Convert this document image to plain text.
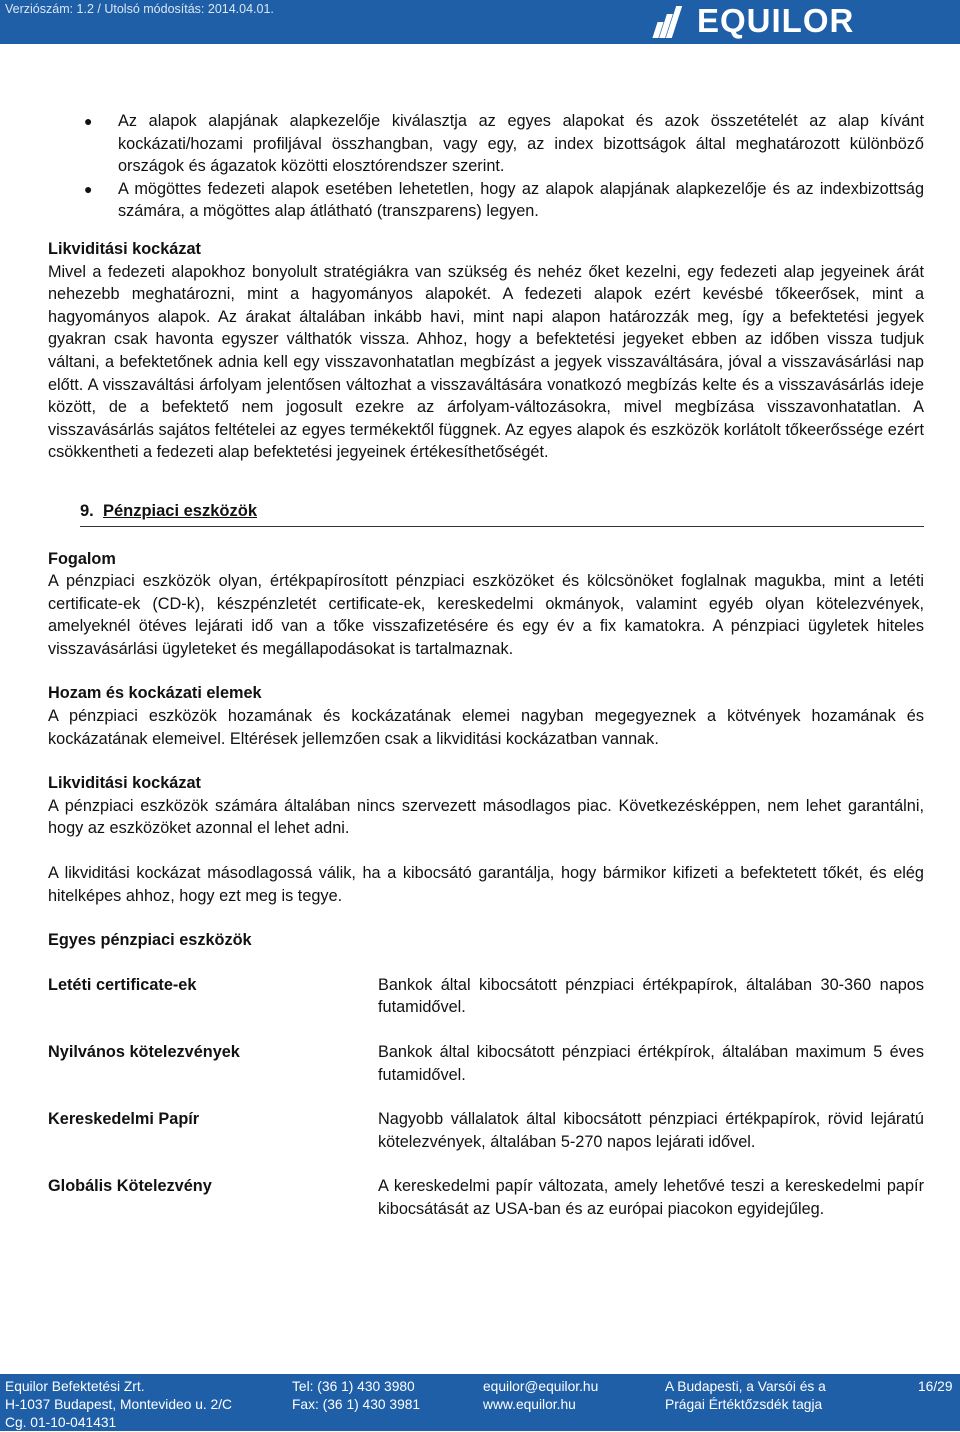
Verziószám: 1.2 / Utolsó módosítás: 2014.04.01.	EQUILOR
● Az alapok alapjának alapkezelője kiválasztja az egyes alapokat és azok összetételét az alap kívánt kockázati/hozami profiljával összhangban, vagy egy, az index bizottságok által meghatározott különböző országok és ágazatok közötti elosztórendszer szerint.
● A mögöttes fedezeti alapok esetében lehetetlen, hogy az alapok alapjának alapkezelője és az indexbizottság számára, a mögöttes alap átlátható (transzparens) legyen.
Likviditási kockázat

Mivel a fedezeti alapokhoz bonyolult stratégiákra van szükség és nehéz őket kezelni, egy fedezeti alap jegyeinek árát nehezebb meghatározni, mint a hagyományos alapokét. A fedezeti alapok ezért kevésbé tőkeerősek, mint a hagyományos alapok. Az árakat általában inkább havi, mint napi alapon határozzák meg, így a befektetési jegyek gyakran csak havonta egyszer válthatók vissza. Ahhoz, hogy a befektetési jegyeket ebben az időben vissza tudjuk váltani, a befektetőnek adnia kell egy visszavonhatatlan megbízást a jegyek visszaváltására, jóval a visszavásárlási nap előtt. A visszaváltási árfolyam jelentősen változhat a visszaváltására vonatkozó megbízás kelte és a visszavásárlás ideje között, de a befektető nem jogosult ezekre az árfolyam-változásokra, mivel megbízása visszavonhatatlan. A visszavásárlás sajátos feltételei az egyes termékektől függnek. Az egyes alapok és eszközök korlátolt tőkeerőssége ezért csökkentheti a fedezeti alap befektetési jegyeinek értékesíthetőségét.

9. Pénzpiaci eszközök
Fogalom

A pénzpiaci eszközök olyan, értékpapírosított pénzpiaci eszközöket és kölcsönöket foglalnak magukba, mint a letéti certificate-ek (CD-k), készpénzletét certificate-ek, kereskedelmi okmányok, valamint egyéb olyan kötelezvények, amelyeknél ötéves lejárati idő van a tőke visszafizetésére és egy év a fix kamatokra. A pénzpiaci ügyletek hiteles visszavásárlási ügyleteket és megállapodásokat is tartalmaznak.

Hozam és kockázati elemek

A pénzpiaci eszközök hozamának és kockázatának elemei nagyban megegyeznek a kötvények hozamának és kockázatának elemeivel. Eltérések jellemzően csak a likviditási kockázatban vannak.

Likviditási kockázat

A pénzpiaci eszközök számára általában nincs szervezett másodlagos piac. Következésképpen, nem lehet garantálni, hogy az eszközöket azonnal el lehet adni.

A likviditási kockázat másodlagossá válik, ha a kibocsátó garantálja, hogy bármikor kifizeti a befektetett tőkét, és elég hitelképes ahhoz, hogy ezt meg is tegye.

Egyes pénzpiaci eszközök
Letéti certificate-ek	Bankok által kibocsátott pénzpiaci értékpapírok, általában 30-360 napos futamidővel.
Nyilvános kötelezvények	Bankok által kibocsátott pénzpiaci értékpírok, általában maximum 5 éves futamidővel.
Kereskedelmi Papír	Nagyobb vállalatok által kibocsátott pénzpiaci értékpapírok, rövid lejáratú kötelezvények, általában 5-270 napos lejárati idővel.
Globális Kötelezvény	A kereskedelmi papír változata, amely lehetővé teszi a kereskedelmi papír kibocsátását az USA-ban és az európai piacokon egyidejűleg.
Equilor Befektetési Zrt.
H-1037 Budapest, Montevideo u. 2/C
Cg. 01-10-041431
Tel: (36 1) 430 3980
Fax: (36 1) 430 3981
equilor@equilor.hu
www.equilor.hu
A Budapesti, a Varsói és a
Prágai Értéktőzsdék tagja
16/29
